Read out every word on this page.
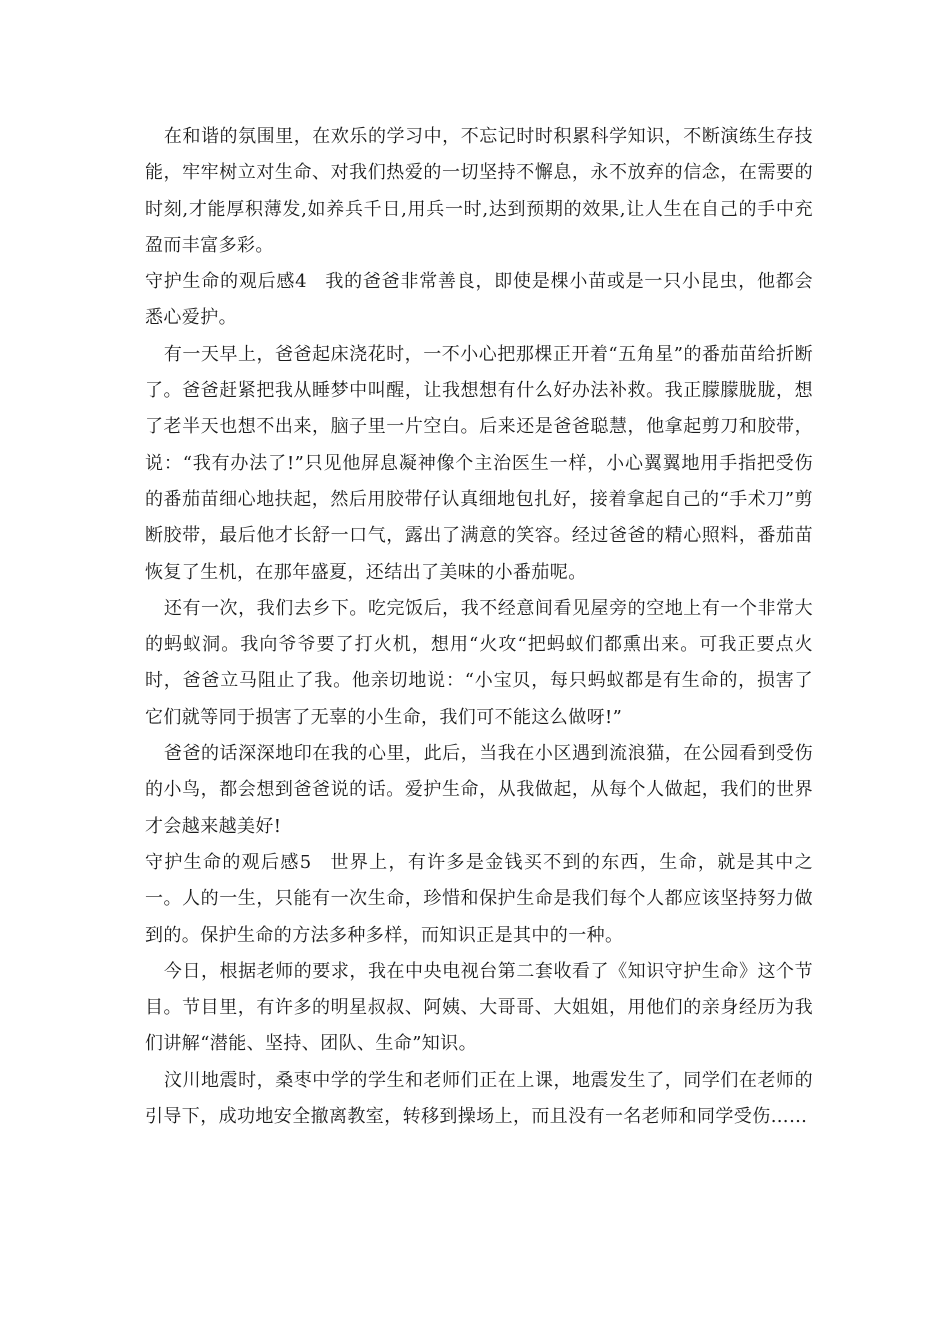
在和谐的氛围里，在欢乐的学习中，不忘记时时积累科学知识，不断演练生存技能，牢牢树立对生命、对我们热爱的一切坚持不懈息，永不放弃的信念，在需要的时刻,才能厚积薄发,如养兵千日,用兵一时,达到预期的效果,让人生在自己的手中充盈而丰富多彩。

守护生命的观后感4 我的爸爸非常善良，即使是棵小苗或是一只小昆虫，他都会悉心爱护。

有一天早上，爸爸起床浇花时，一不小心把那棵正开着“五角星”的番茄苗给折断了。爸爸赶紧把我从睡梦中叫醒，让我想想有什么好办法补救。我正朦朦胧胧，想了老半天也想不出来，脑子里一片空白。后来还是爸爸聪慧，他拿起剪刀和胶带，说：“我有办法了!”只见他屏息凝神像个主治医生一样，小心翼翼地用手指把受伤的番茄苗细心地扶起，然后用胶带仔认真细地包扎好，接着拿起自己的“手术刀”剪断胶带，最后他才长舒一口气，露出了满意的笑容。经过爸爸的精心照料，番茄苗恢复了生机，在那年盛夏，还结出了美味的小番茄呢。

还有一次，我们去乡下。吃完饭后，我不经意间看见屋旁的空地上有一个非常大的蚂蚁洞。我向爷爷要了打火机，想用“火攻“把蚂蚁们都熏出来。可我正要点火时，爸爸立马阻止了我。他亲切地说：“小宝贝，每只蚂蚁都是有生命的，损害了它们就等同于损害了无辜的小生命，我们可不能这么做呀!”

爸爸的话深深地印在我的心里，此后，当我在小区遇到流浪猫，在公园看到受伤的小鸟，都会想到爸爸说的话。爱护生命，从我做起，从每个人做起，我们的世界才会越来越美好!

守护生命的观后感5 世界上，有许多是金钱买不到的东西，生命，就是其中之一。人的一生，只能有一次生命，珍惜和保护生命是我们每个人都应该坚持努力做到的。保护生命的方法多种多样，而知识正是其中的一种。

今日，根据老师的要求，我在中央电视台第二套收看了《知识守护生命》这个节目。节目里，有许多的明星叔叔、阿姨、大哥哥、大姐姐，用他们的亲身经历为我们讲解“潜能、坚持、团队、生命”知识。

汶川地震时，桑枣中学的学生和老师们正在上课，地震发生了，同学们在老师的引导下，成功地安全撤离教室，转移到操场上，而且没有一名老师和同学受伤……
